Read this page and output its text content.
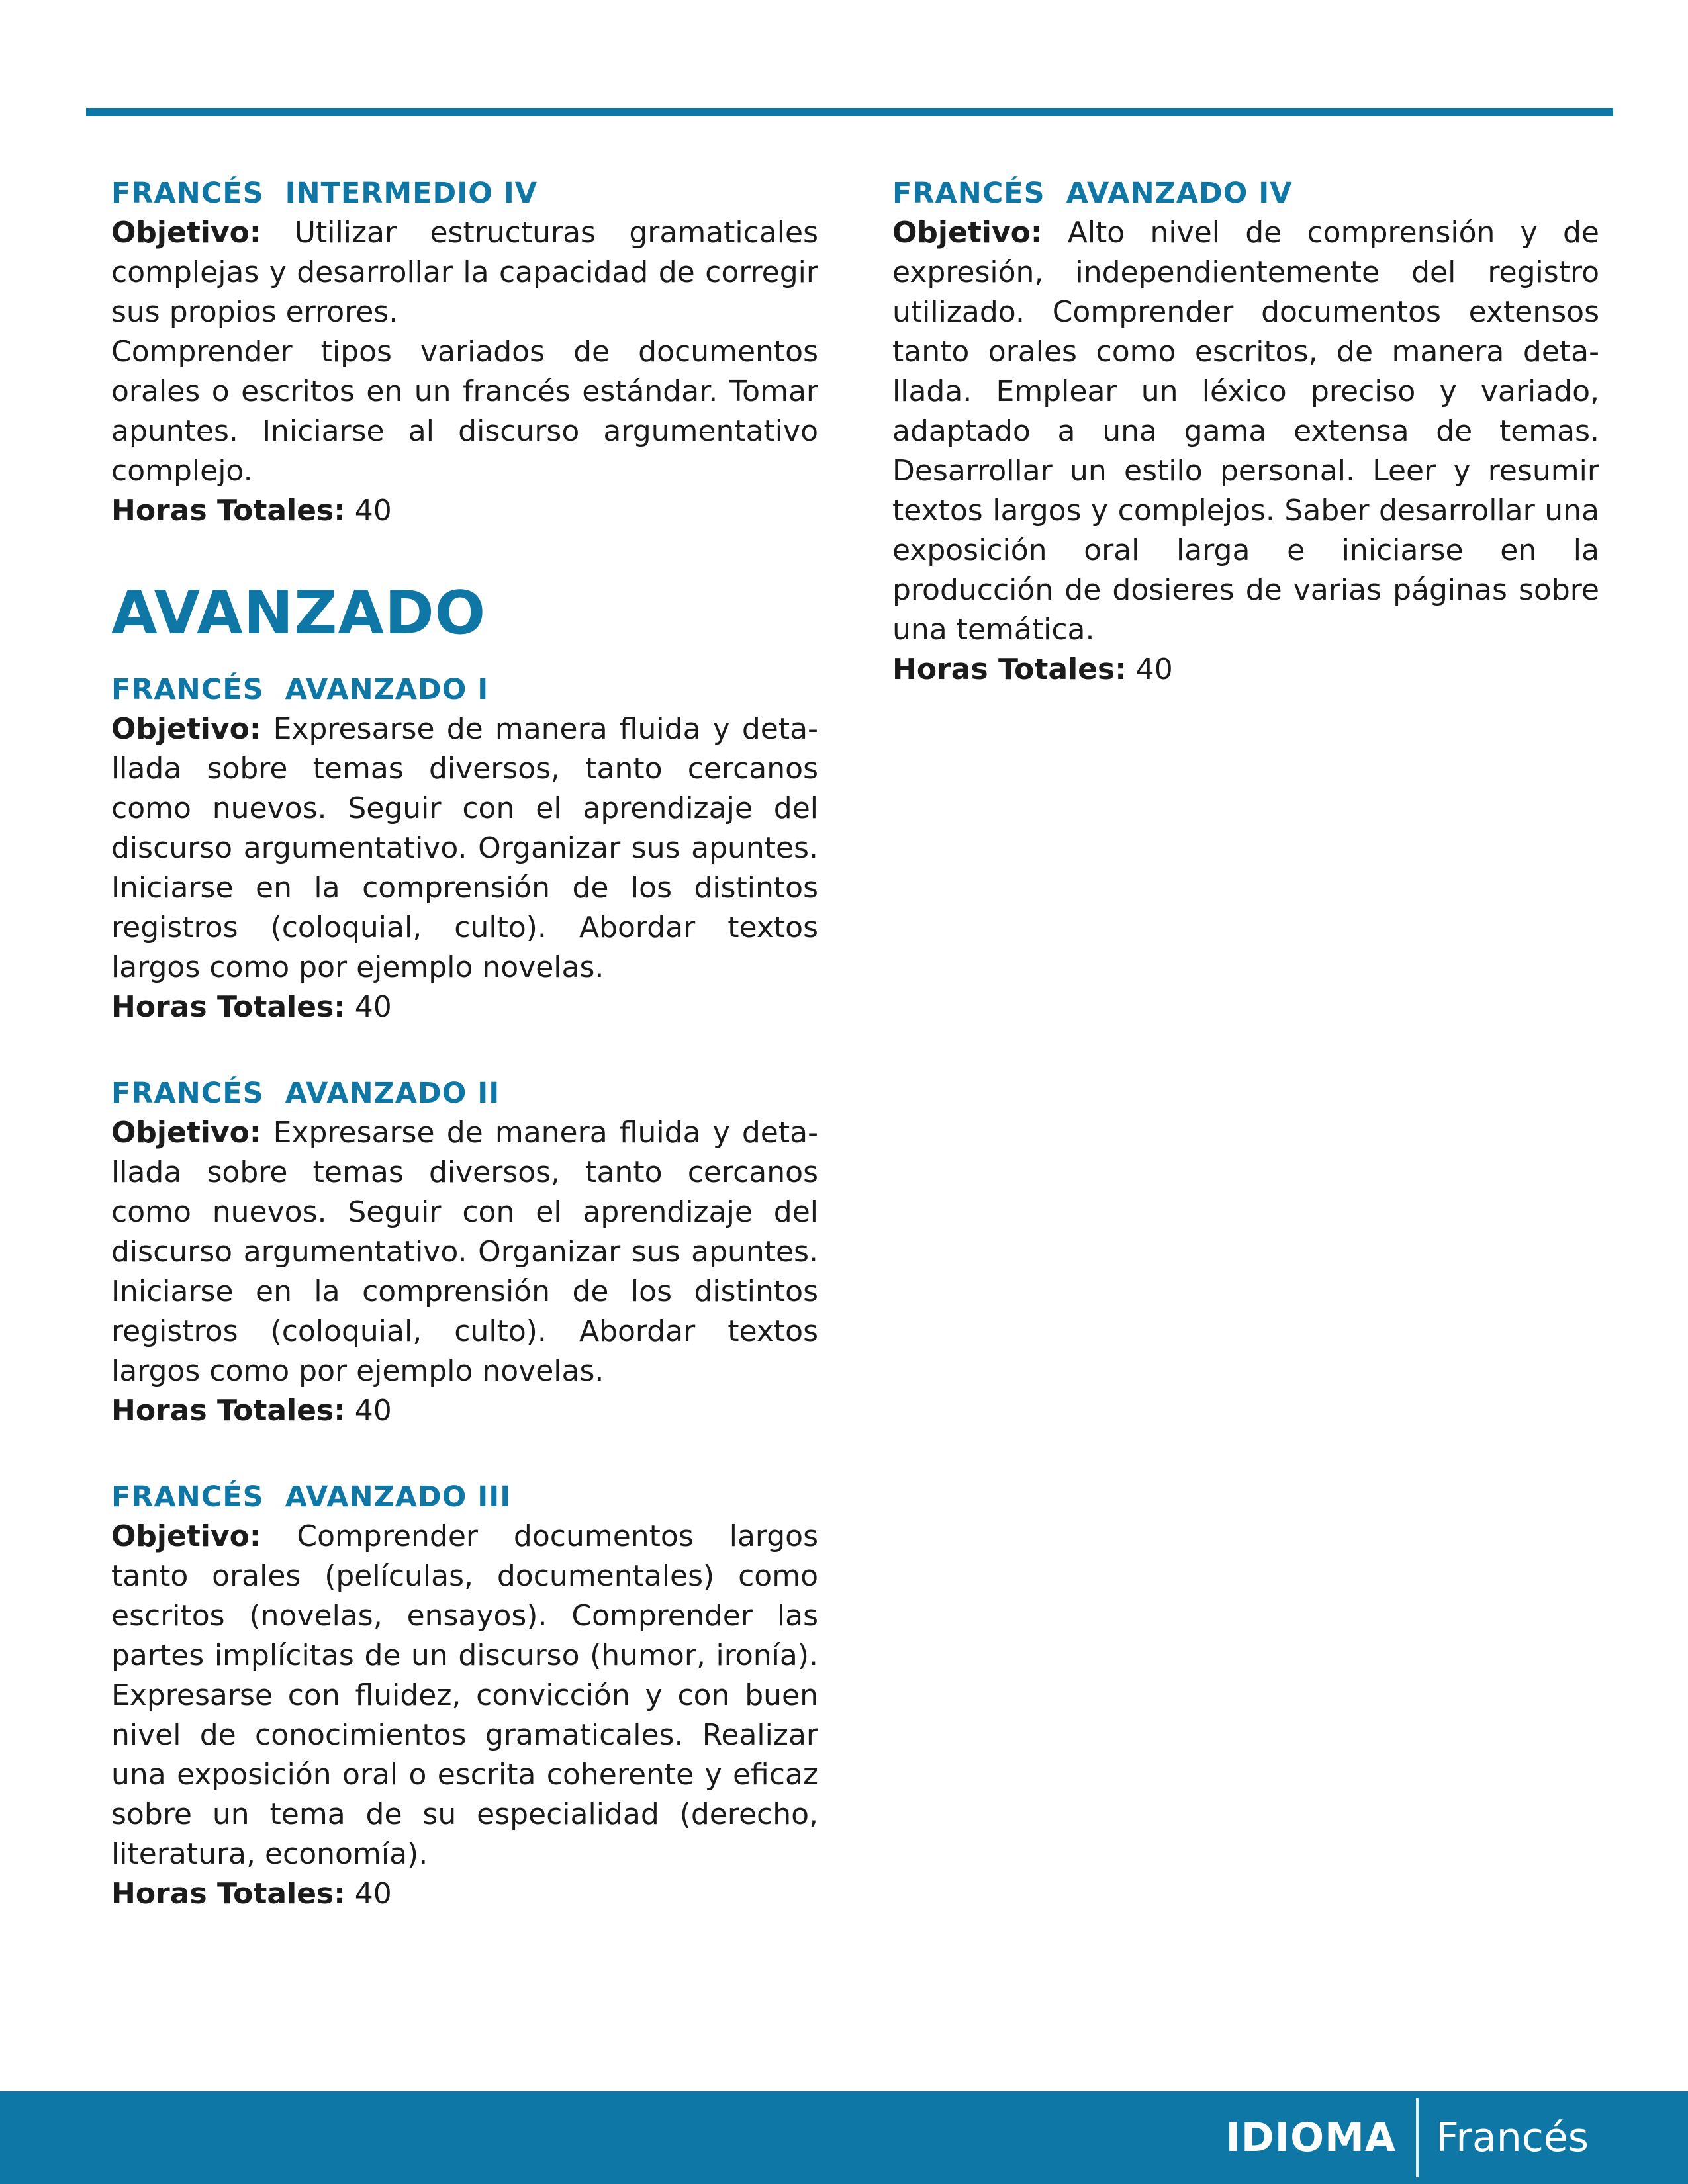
FRANCÉS  INTERMEDIO IV

Objetivo: Utilizar estructuras gramaticales complejas y desarrollar la capacidad de corregir sus propios errores.

Comprender tipos variados de documentos orales o escritos en un francés estándar. Tomar apuntes. Iniciarse al discurso argumentativo complejo.

Horas Totales: 40

AVANZADO

FRANCÉS  AVANZADO I

Objetivo: Expresarse de manera fluida y detallada sobre temas diversos, tanto cercanos como nuevos. Seguir con el aprendizaje del discurso argumentativo. Organizar sus apuntes. Iniciarse en la comprensión de los distintos registros (coloquial, culto). Abordar textos largos como por ejemplo novelas.

Horas Totales: 40

FRANCÉS  AVANZADO II

Objetivo: Expresarse de manera fluida y detallada sobre temas diversos, tanto cercanos como nuevos. Seguir con el aprendizaje del discurso argumentativo. Organizar sus apuntes. Iniciarse en la comprensión de los distintos registros (coloquial, culto). Abordar textos largos como por ejemplo novelas.

Horas Totales: 40

FRANCÉS  AVANZADO III

Objetivo: Comprender documentos largos tanto orales (películas, documentales) como escritos (novelas, ensayos). Comprender las partes implícitas de un discurso (humor, ironía). Expresarse con fluidez, convicción y con buen nivel de conocimientos gramaticales. Realizar una exposición oral o escrita coherente y eficaz sobre un tema de su especialidad (derecho, literatura, economía).

Horas Totales: 40

FRANCÉS  AVANZADO IV

Objetivo: Alto nivel de comprensión y de expresión, independientemente del registro utilizado. Comprender documentos extensos tanto orales como escritos, de manera detallada. Emplear un léxico preciso y variado, adaptado a una gama extensa de temas. Desarrollar un estilo personal. Leer y resumir textos largos y complejos. Saber desarrollar una exposición oral larga e iniciarse en la producción de dosieres de varias páginas sobre una temática.

Horas Totales: 40

IDIOMA Francés
